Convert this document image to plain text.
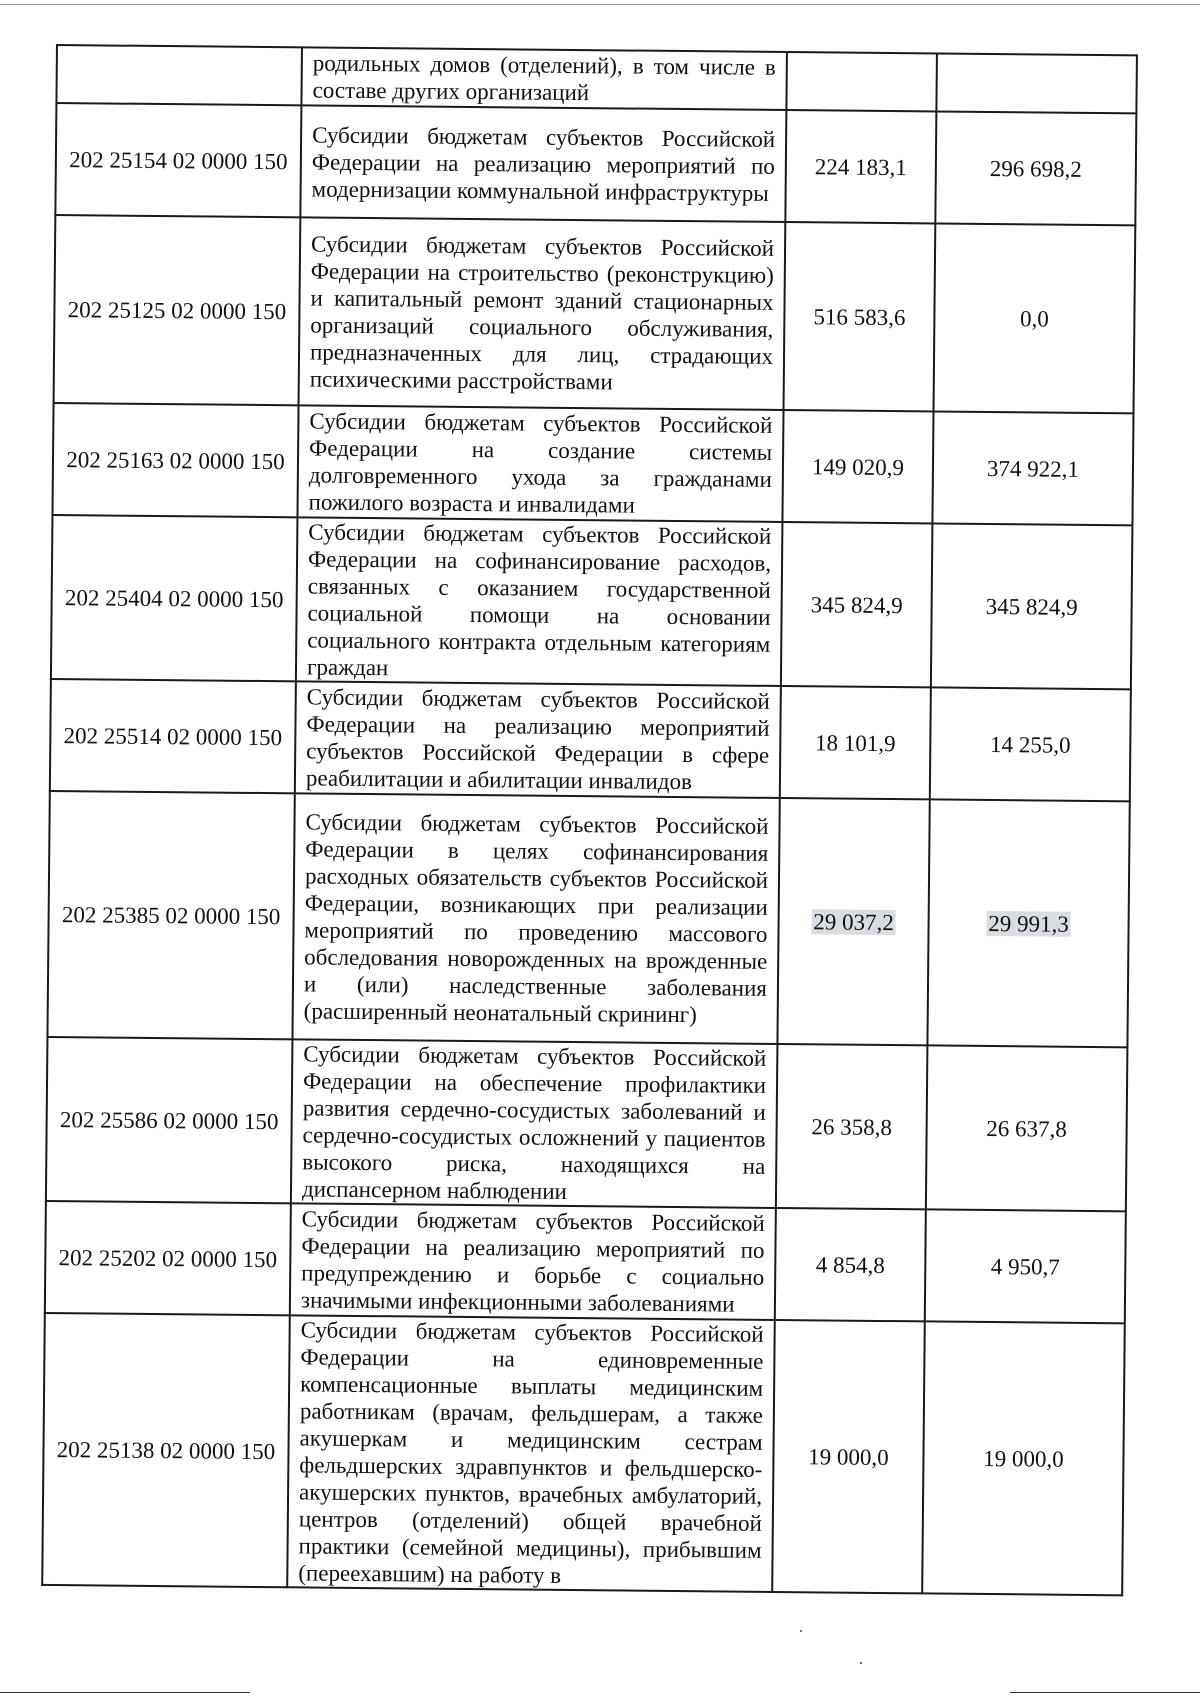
	родильных домов (отделений), в том числе в составе других организаций		
202 25154 02 0000 150	Субсидии бюджетам субъектов Российской Федерации на реализацию мероприятий по модернизации коммунальной инфраструктуры	224 183,1	296 698,2
202 25125 02 0000 150	Субсидии бюджетам субъектов Российской Федерации на строительство (реконструкцию) и капитальный ремонт зданий стационарных организаций социального обслуживания, предназначенных для лиц, страдающих психическими расстройствами	516 583,6	0,0
202 25163 02 0000 150	Субсидии бюджетам субъектов Российской Федерации на создание системы долговременного ухода за гражданами пожилого возраста и инвалидами	149 020,9	374 922,1
202 25404 02 0000 150	Субсидии бюджетам субъектов Российской Федерации на софинансирование расходов, связанных с оказанием государственной социальной помощи на основании социального контракта отдельным категориям граждан	345 824,9	345 824,9
202 25514 02 0000 150	Субсидии бюджетам субъектов Российской Федерации на реализацию мероприятий субъектов Российской Федерации в сфере реабилитации и абилитации инвалидов	18 101,9	14 255,0
202 25385 02 0000 150	Субсидии бюджетам субъектов Российской Федерации в целях софинансирования расходных обязательств субъектов Российской Федерации, возникающих при реализации мероприятий по проведению массового обследования новорожденных на врожденные и (или) наследственные заболевания (расширенный неонатальный скрининг)	29 037,2	29 991,3
202 25586 02 0000 150	Субсидии бюджетам субъектов Российской Федерации на обеспечение профилактики развития сердечно-сосудистых заболеваний и сердечно-сосудистых осложнений у пациентов высокого риска, находящихся на диспансерном наблюдении	26 358,8	26 637,8
202 25202 02 0000 150	Субсидии бюджетам субъектов Российской Федерации на реализацию мероприятий по предупреждению и борьбе с социально значимыми инфекционными заболеваниями	4 854,8	4 950,7
202 25138 02 0000 150	Субсидии бюджетам субъектов Российской Федерации на единовременные компенсационные выплаты медицинским работникам (врачам, фельдшерам, а также акушеркам и медицинским сестрам фельдшерских здравпунктов и фельдшерско-акушерских пунктов, врачебных амбулаторий, центров (отделений) общей врачебной практики (семейной медицины), прибывшим (переехавшим) на работу в	19 000,0	19 000,0
